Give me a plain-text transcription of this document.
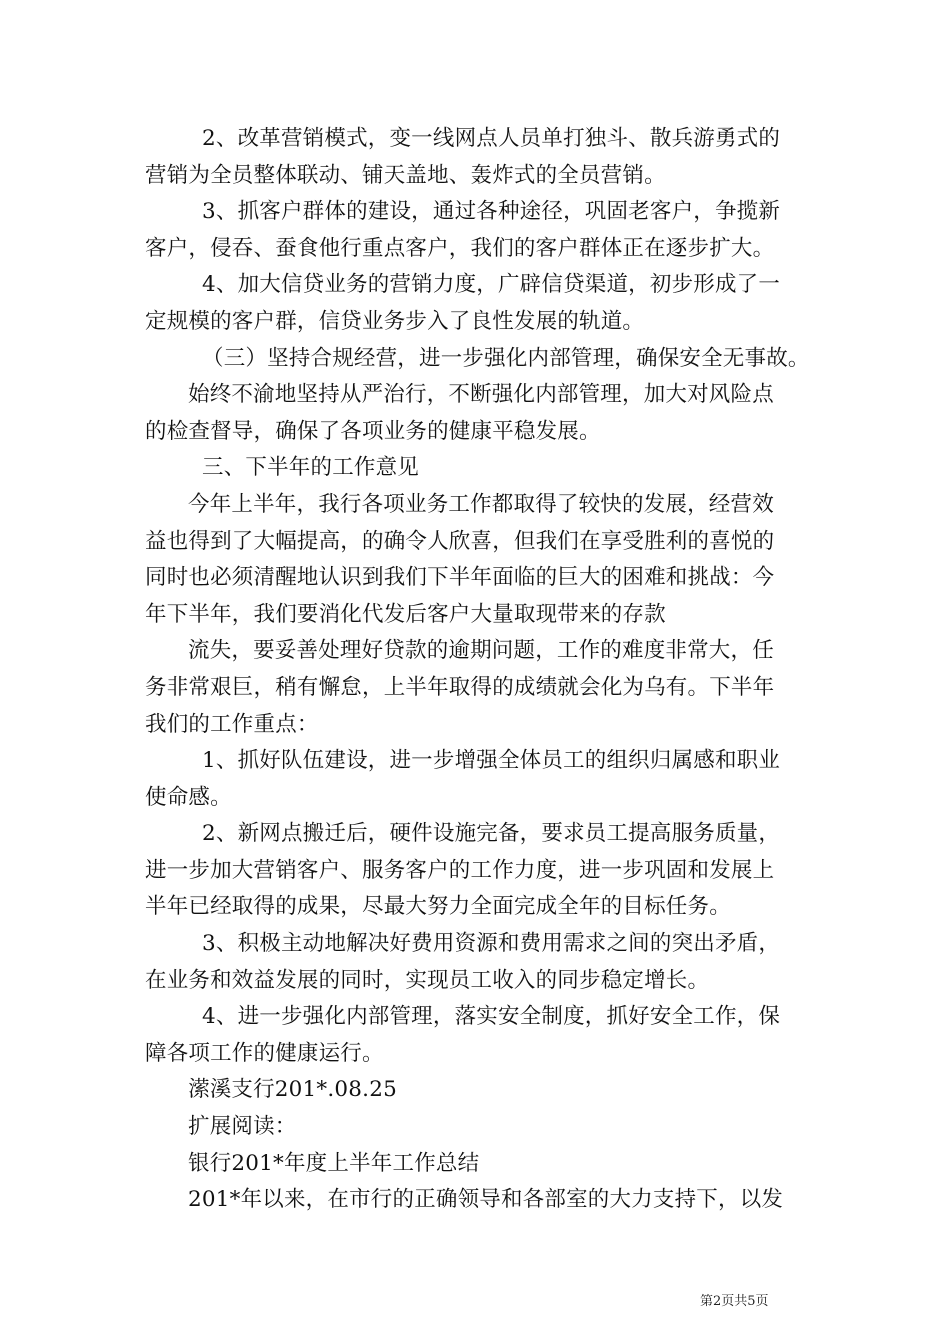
2、改革营销模式，变一线网点人员单打独斗、散兵游勇式的
营销为全员整体联动、铺天盖地、轰炸式的全员营销。
3、抓客户群体的建设，通过各种途径，巩固老客户，争揽新
客户，侵吞、蚕食他行重点客户，我们的客户群体正在逐步扩大。
4、加大信贷业务的营销力度，广辟信贷渠道，初步形成了一
定规模的客户群，信贷业务步入了良性发展的轨道。
（三）坚持合规经营，进一步强化内部管理，确保安全无事故。
始终不渝地坚持从严治行，不断强化内部管理，加大对风险点
的检查督导，确保了各项业务的健康平稳发展。
三、下半年的工作意见
今年上半年，我行各项业务工作都取得了较快的发展，经营效
益也得到了大幅提高，的确令人欣喜，但我们在享受胜利的喜悦的
同时也必须清醒地认识到我们下半年面临的巨大的困难和挑战：今
年下半年，我们要消化代发后客户大量取现带来的存款
流失，要妥善处理好贷款的逾期问题，工作的难度非常大，任
务非常艰巨，稍有懈怠，上半年取得的成绩就会化为乌有。下半年
我们的工作重点：
1、抓好队伍建设，进一步增强全体员工的组织归属感和职业
使命感。
2、新网点搬迁后，硬件设施完备，要求员工提高服务质量，
进一步加大营销客户、服务客户的工作力度，进一步巩固和发展上
半年已经取得的成果，尽最大努力全面完成全年的目标任务。
3、积极主动地解决好费用资源和费用需求之间的突出矛盾，
在业务和效益发展的同时，实现员工收入的同步稳定增长。
4、进一步强化内部管理，落实安全制度，抓好安全工作，保
障各项工作的健康运行。
潆溪支行201*.08.25
扩展阅读：
银行201*年度上半年工作总结
201*年以来，在市行的正确领导和各部室的大力支持下，以发
第2页共5页
